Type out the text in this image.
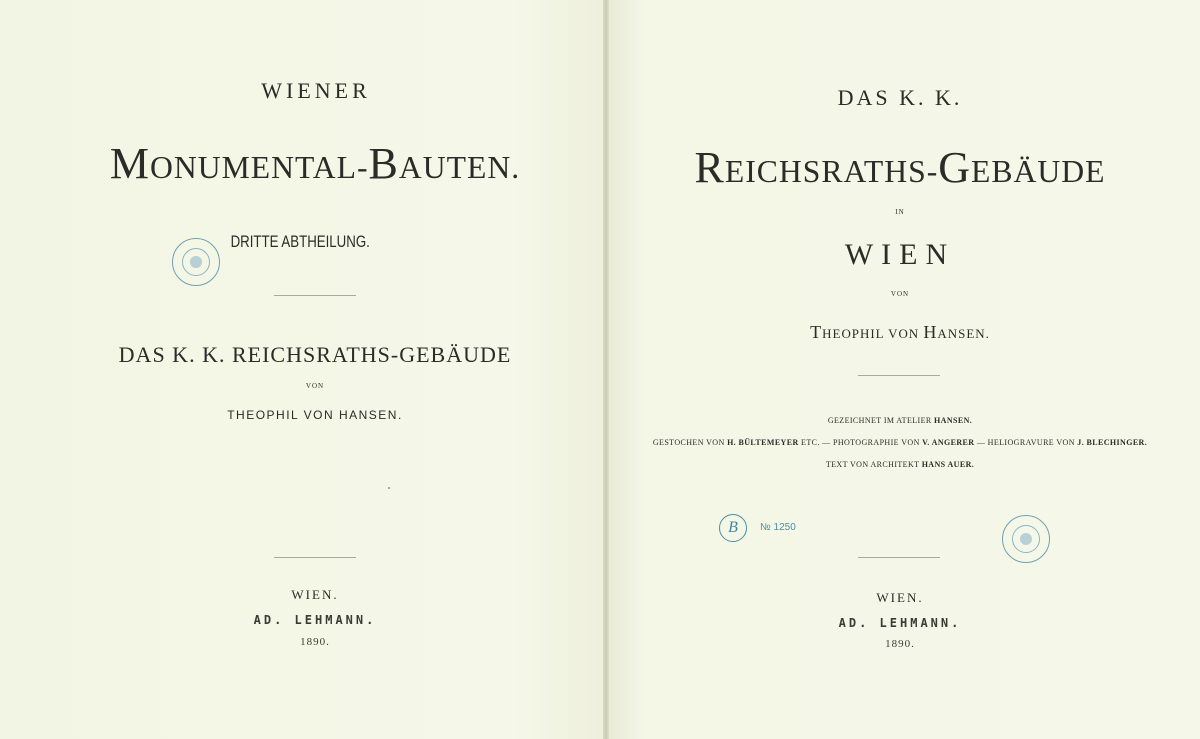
WIENER
MONUMENTAL-BAUTEN.
DRITTE ABTHEILUNG.
DAS K. K. REICHSRATHS-GEBÄUDE
VON
THEOPHIL VON HANSEN.
WIEN.
AD. LEHMANN.
1890.
DAS K. K.
REICHSRATHS-GEBÄUDE
IN
WIEN
VON
THEOPHIL VON HANSEN.
GEZEICHNET IM ATELIER HANSEN.
GESTOCHEN VON H. BÜLTEMEYER ETC. — PHOTOGRAPHIE VON V. ANGERER — HELIOGRAVURE VON J. BLECHINGER.
TEXT VON ARCHITEKT HANS AUER.
B	№ 1250
WIEN.
AD. LEHMANN.
1890.
